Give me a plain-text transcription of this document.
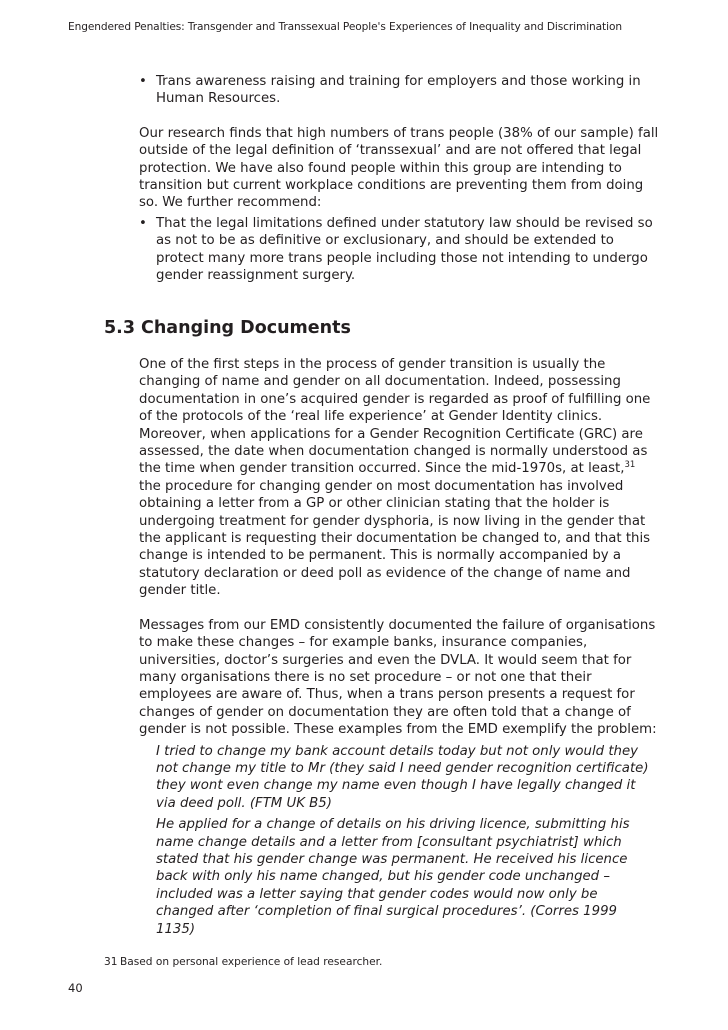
Engendered Penalties: Transgender and Transsexual People's Experiences of Inequality and Discrimination
• Trans awareness raising and training for employers and those working in Human Resources.

Our research finds that high numbers of trans people (38% of our sample) fall outside of the legal definition of ‘transsexual’ and are not offered that legal protection. We have also found people within this group are intending to transition but current workplace conditions are preventing them from doing so. We further recommend:

• That the legal limitations defined under statutory law should be revised so as not to be as definitive or exclusionary, and should be extended to protect many more trans people including those not intending to undergo gender reassignment surgery.
5.3 Changing Documents

One of the first steps in the process of gender transition is usually the changing of name and gender on all documentation. Indeed, possessing documentation in one’s acquired gender is regarded as proof of fulfilling one of the protocols of the ‘real life experience’ at Gender Identity clinics. Moreover, when applications for a Gender Recognition Certificate (GRC) are assessed, the date when documentation changed is normally understood as the time when gender transition occurred. Since the mid-1970s, at least,$^{31}$ the procedure for changing gender on most documentation has involved obtaining a letter from a GP or other clinician stating that the holder is undergoing treatment for gender dysphoria, is now living in the gender that the applicant is requesting their documentation be changed to, and that this change is intended to be permanent. This is normally accompanied by a statutory declaration or deed poll as evidence of the change of name and gender title.

Messages from our EMD consistently documented the failure of organisations to make these changes – for example banks, insurance companies, universities, doctor’s surgeries and even the DVLA. It would seem that for many organisations there is no set procedure – or not one that their employees are aware of. Thus, when a trans person presents a request for changes of gender on documentation they are often told that a change of gender is not possible. These examples from the EMD exemplify the problem:

I tried to change my bank account details today but not only would they not change my title to Mr (they said I need gender recognition certificate) they wont even change my name even though I have legally changed it via deed poll. (FTM UK B5)

He applied for a change of details on his driving licence, submitting his name change details and a letter from [consultant psychiatrist] which stated that his gender change was permanent. He received his licence back with only his name changed, but his gender code unchanged – included was a letter saying that gender codes would now only be changed after ‘completion of final surgical procedures’. (Corres 1999 1135)

31 Based on personal experience of lead researcher.
40
